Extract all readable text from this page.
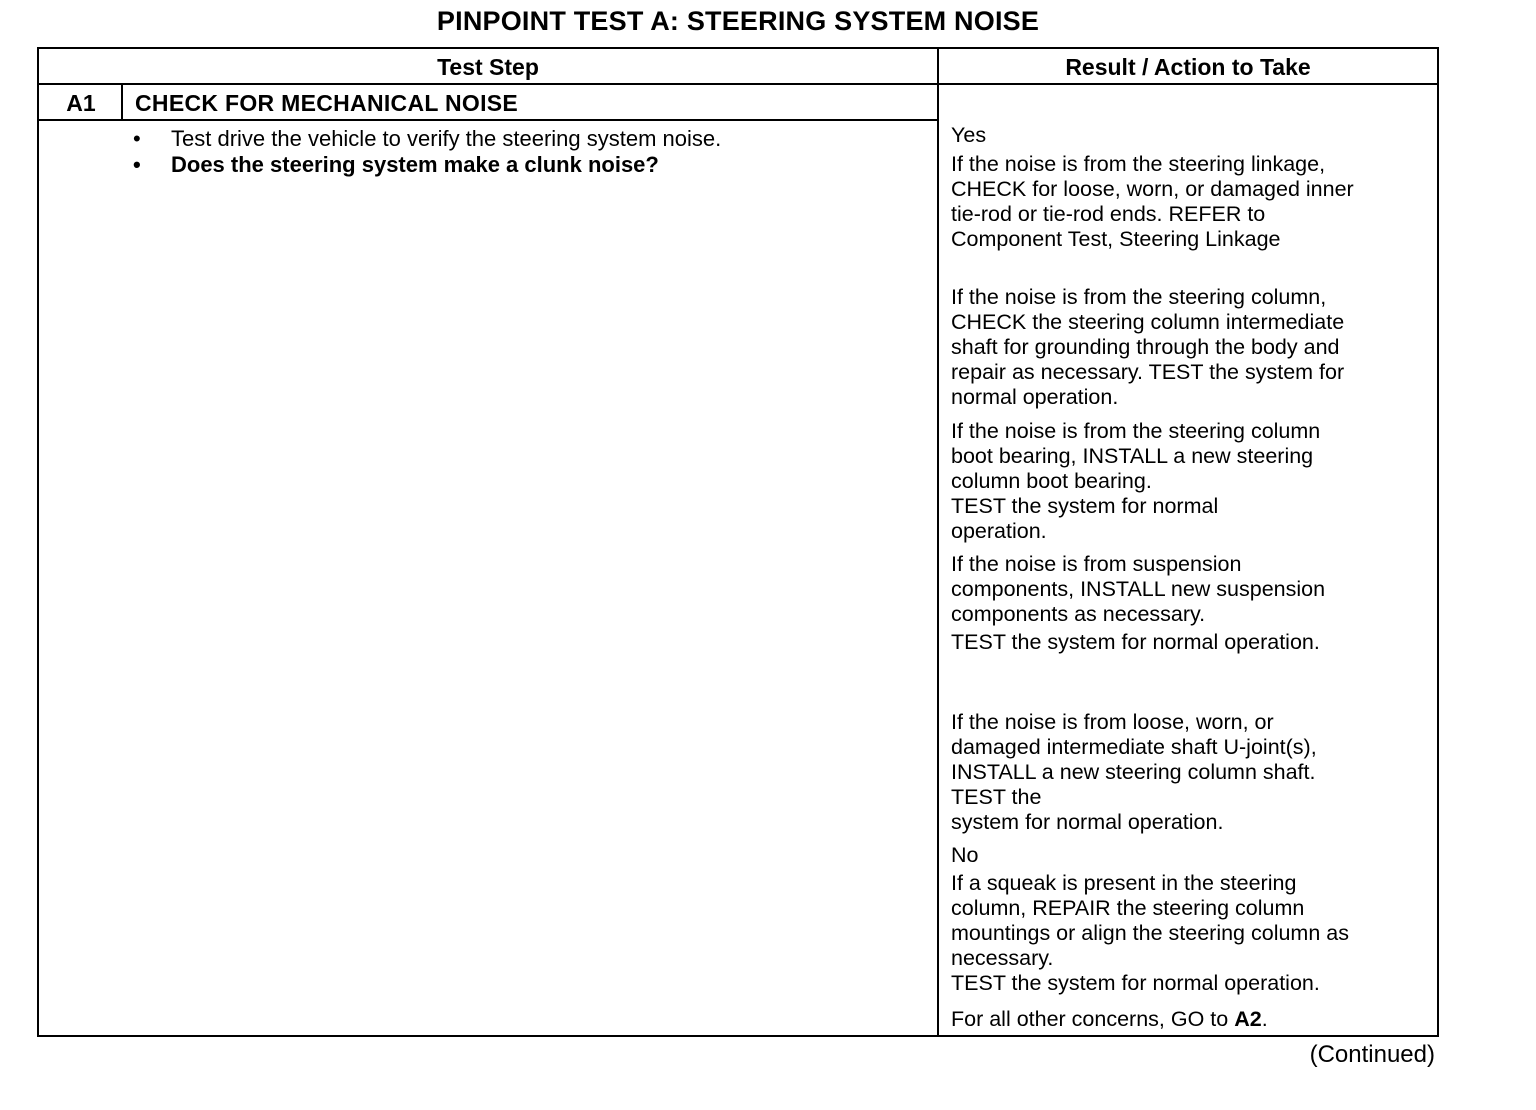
PINPOINT TEST A: STEERING SYSTEM NOISE
Test Step	Result / Action to Take
A1	CHECK FOR MECHANICAL NOISE

• Test drive the vehicle to verify the steering system noise.

• Does the steering system make a clunk noise?

Yes
If the noise is from the steering linkage,
CHECK for loose, worn, or damaged inner
tie-rod or tie-rod ends. REFER to
Component Test, Steering Linkage
If the noise is from the steering column,
CHECK the steering column intermediate
shaft for grounding through the body and
repair as necessary. TEST the system for
normal operation.
If the noise is from the steering column
boot bearing, INSTALL a new steering
column boot bearing.
TEST the system for normal
operation.
If the noise is from suspension
components, INSTALL new suspension
components as necessary.
TEST the system for normal operation.
If the noise is from loose, worn, or
damaged intermediate shaft U-joint(s),
INSTALL a new steering column shaft.
TEST the
system for normal operation.
No
If a squeak is present in the steering
column, REPAIR the steering column
mountings or align the steering column as
necessary.
TEST the system for normal operation.
For all other concerns, GO to A2.
(Continued)
